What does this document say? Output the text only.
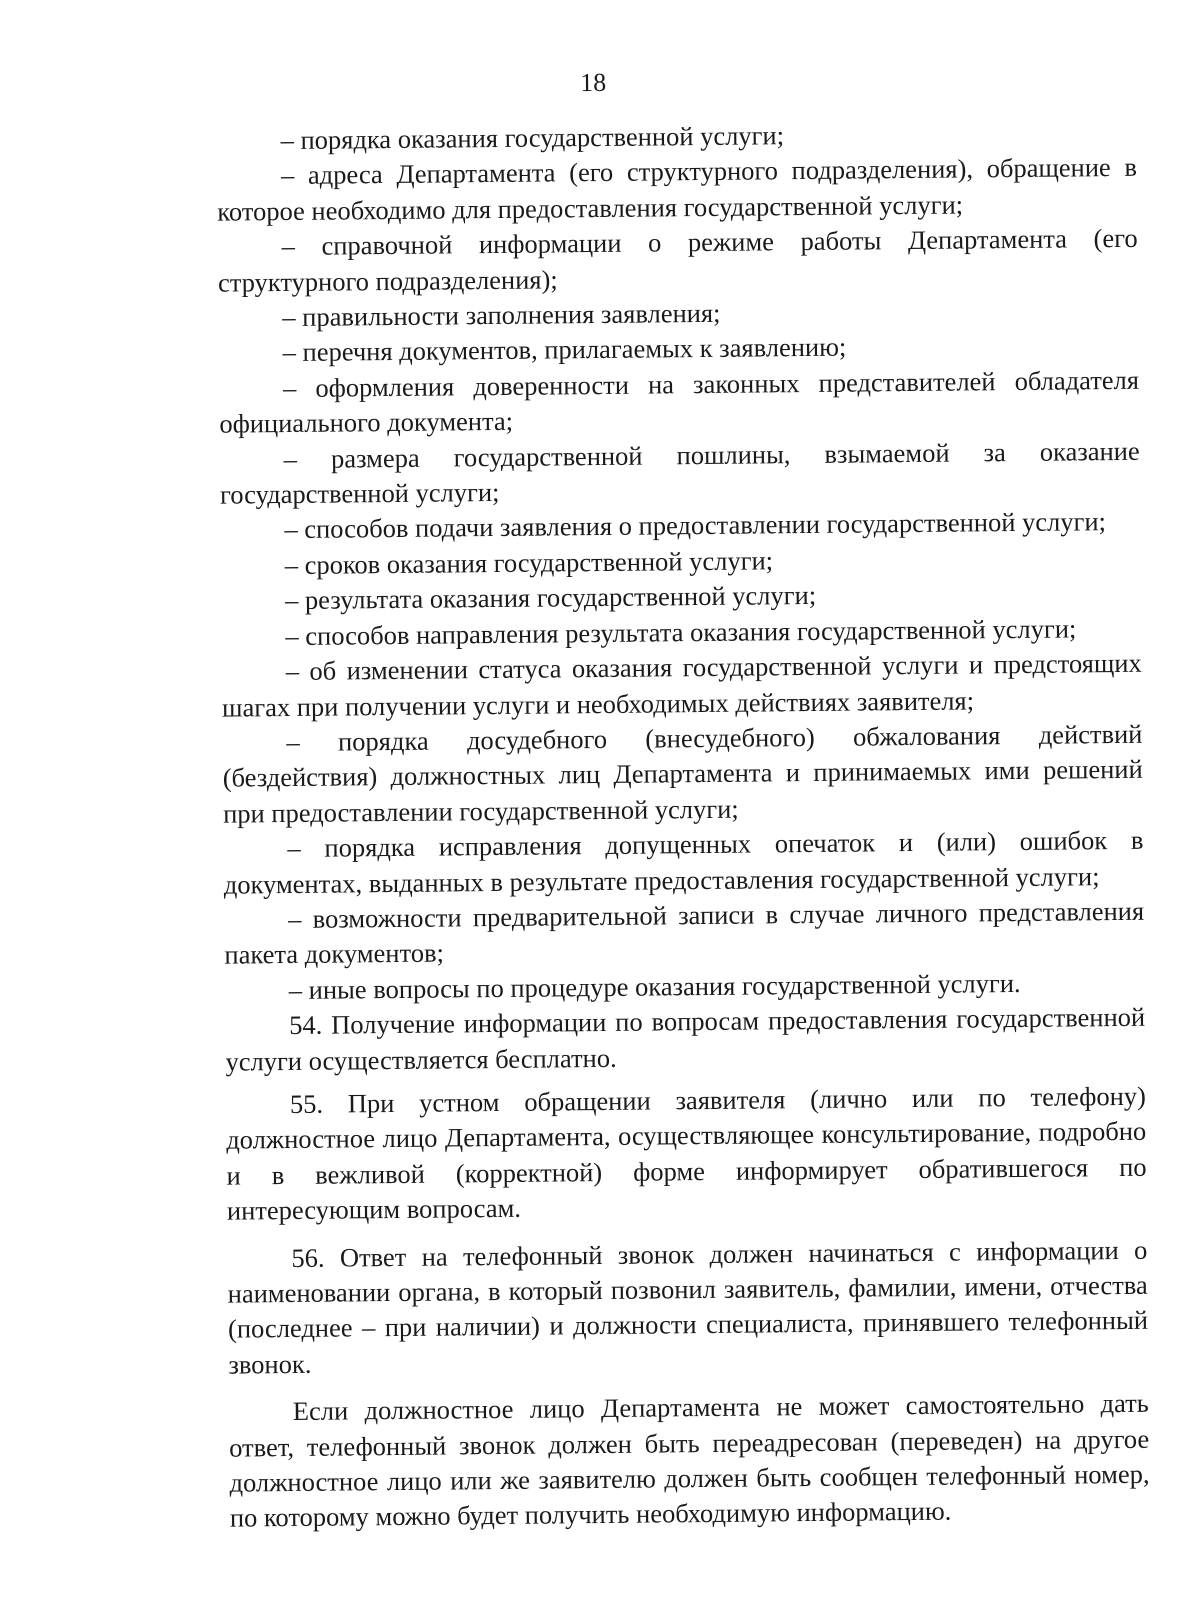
18

– порядка оказания государственной услуги;

– адреса Департамента (его структурного подразделения), обращение в которое необходимо для предоставления государственной услуги;

– справочной информации о режиме работы Департамента (его структурного подразделения);

– правильности заполнения заявления;

– перечня документов, прилагаемых к заявлению;

– оформления доверенности на законных представителей обладателя официального документа;

– размера государственной пошлины, взымаемой за оказание государственной услуги;

– способов подачи заявления о предоставлении государственной услуги;

– сроков оказания государственной услуги;

– результата оказания государственной услуги;

– способов направления результата оказания государственной услуги;

– об изменении статуса оказания государственной услуги и предстоящих шагах при получении услуги и необходимых действиях заявителя;

– порядка досудебного (внесудебного) обжалования действий (бездействия) должностных лиц Департамента и принимаемых ими решений при предоставлении государственной услуги;

– порядка исправления допущенных опечаток и (или) ошибок в документах, выданных в результате предоставления государственной услуги;

– возможности предварительной записи в случае личного представления пакета документов;

– иные вопросы по процедуре оказания государственной услуги.

54. Получение информации по вопросам предоставления государственной услуги осуществляется бесплатно.

55. При устном обращении заявителя (лично или по телефону) должностное лицо Департамента, осуществляющее консультирование, подробно и в вежливой (корректной) форме информирует обратившегося по интересующим вопросам.

56. Ответ на телефонный звонок должен начинаться с информации о наименовании органа, в который позвонил заявитель, фамилии, имени, отчества (последнее – при наличии) и должности специалиста, принявшего телефонный звонок.

Если должностное лицо Департамента не может самостоятельно дать ответ, телефонный звонок должен быть переадресован (переведен) на другое должностное лицо или же заявителю должен быть сообщен телефонный номер, по которому можно будет получить необходимую информацию.
